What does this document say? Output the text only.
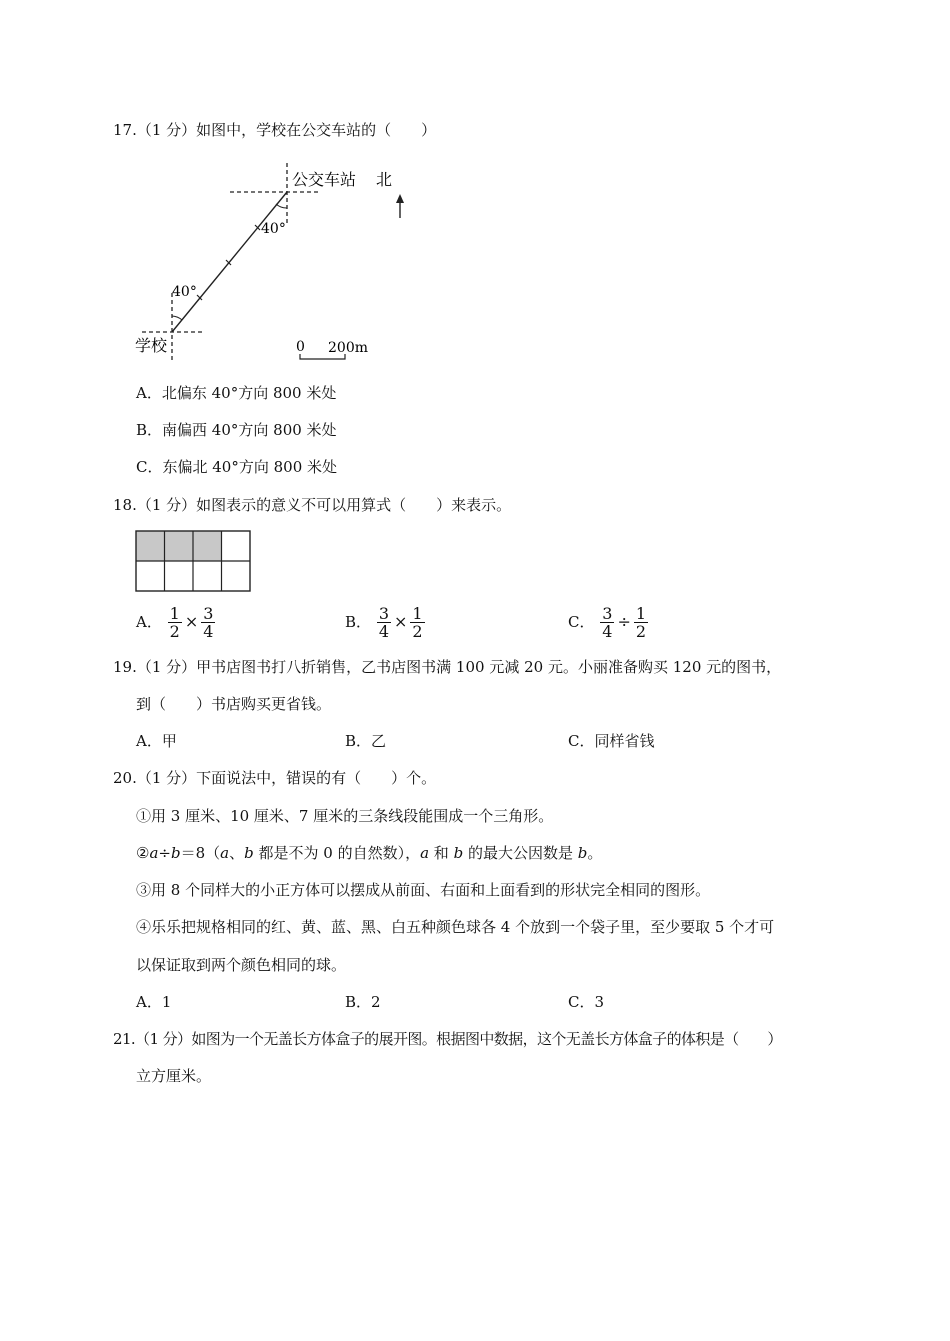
17.（1 分）如图中，学校在公交车站的（　　）
公交车站
40°
40°
学校
北
0 200m
A．北偏东 40°方向 800 米处
B．南偏西 40°方向 800 米处
C．东偏北 40°方向 800 米处
18.（1 分）如图表示的意义不可以用算式（　　）来表示。
A． $\frac{1}{2} \times \frac{3}{4}$	B． $\frac{3}{4} \times \frac{1}{2}$	C． $\frac{3}{4} \div \frac{1}{2}$
19.（1 分）甲书店图书打八折销售，乙书店图书满 100 元减 20 元。小丽准备购买 120 元的图书，
到（　　）书店购买更省钱。
A．甲	B．乙	C．同样省钱
20.（1 分）下面说法中，错误的有（　　）个。
①用 3 厘米、10 厘米、7 厘米的三条线段能围成一个三角形。
②a÷b＝8（a、b 都是不为 0 的自然数），a 和 b 的最大公因数是 b。
③用 8 个同样大的小正方体可以摆成从前面、右面和上面看到的形状完全相同的图形。
④乐乐把规格相同的红、黄、蓝、黑、白五种颜色球各 4 个放到一个袋子里，至少要取 5 个才可
以保证取到两个颜色相同的球。
A．1	B．2	C．3
21.（1 分）如图为一个无盖长方体盒子的展开图。根据图中数据，这个无盖长方体盒子的体积是（　　）
立方厘米。
